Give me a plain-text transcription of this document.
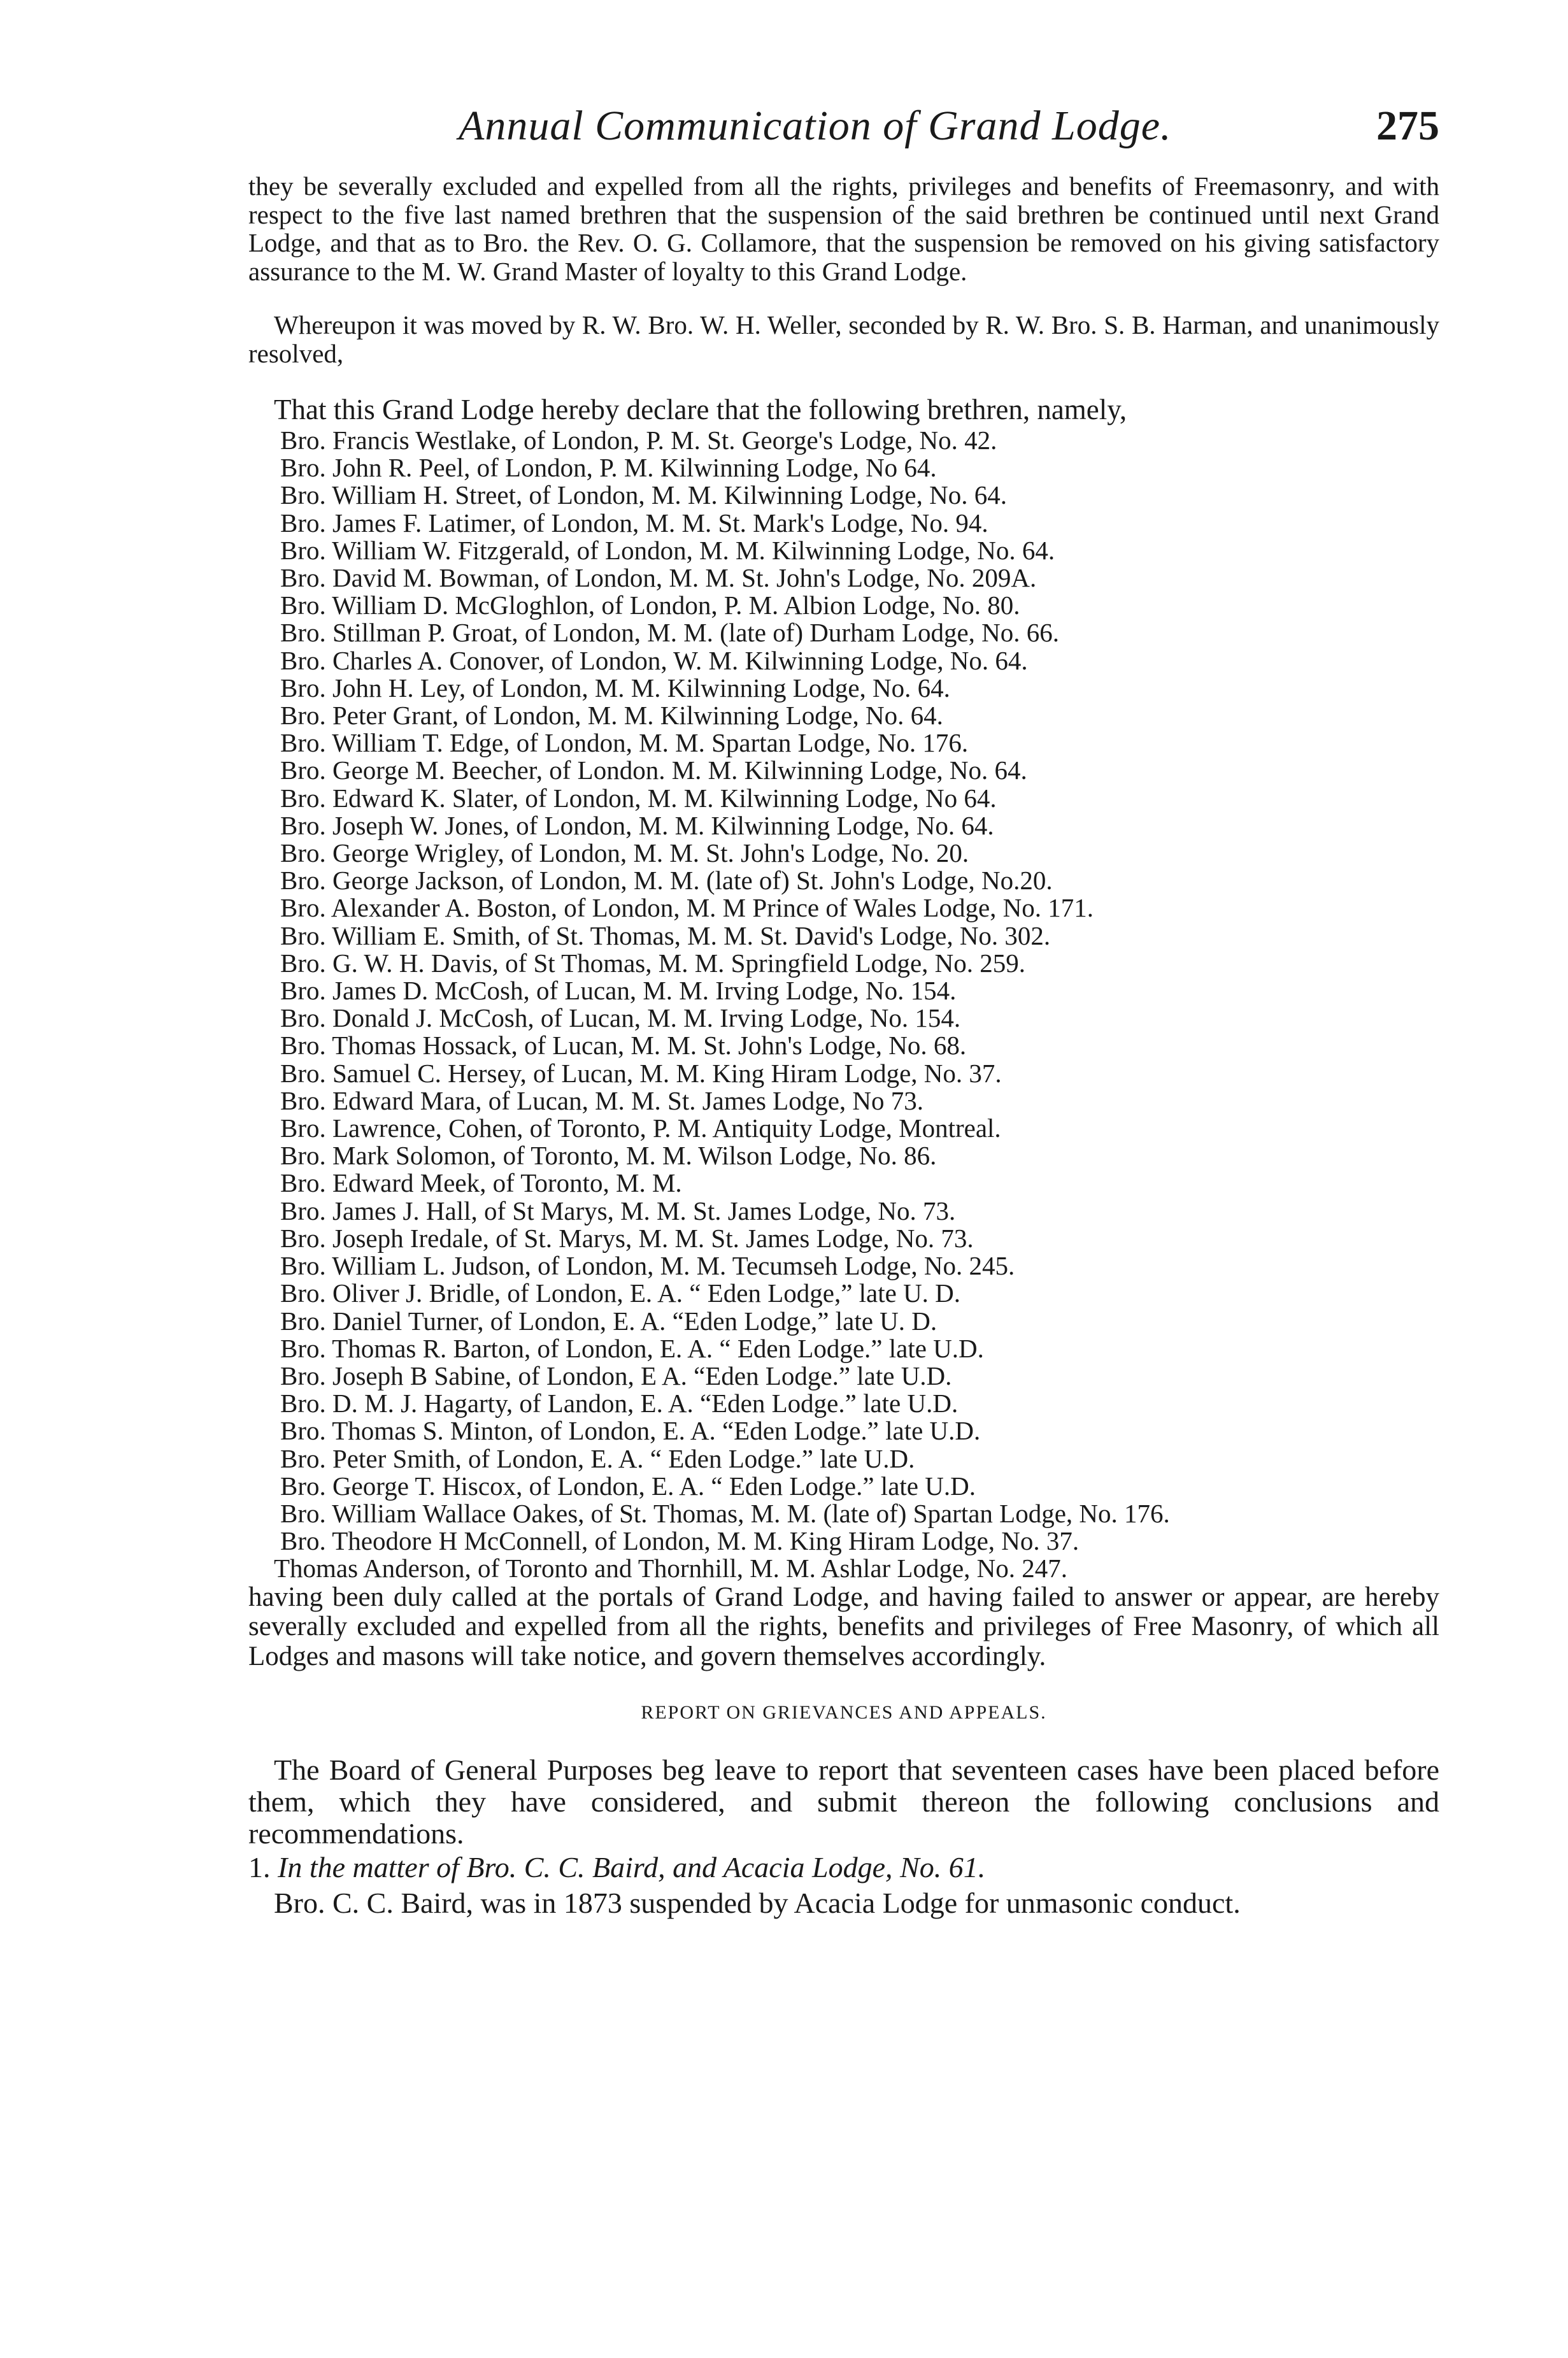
Annual Communication of Grand Lodge.	275

they be severally excluded and expelled from all the rights, privileges and benefits of Freemasonry, and with respect to the five last named brethren that the suspension of the said brethren be continued until next Grand Lodge, and that as to Bro. the Rev. O. G. Collamore, that the suspension be removed on his giving satisfactory assurance to the M. W. Grand Master of loyalty to this Grand Lodge.

Whereupon it was moved by R. W. Bro. W. H. Weller, seconded by R. W. Bro. S. B. Harman, and unanimously resolved,

That this Grand Lodge hereby declare that the following brethren, namely,

Bro. Francis Westlake, of London, P. M. St. George's Lodge, No. 42.
Bro. John R. Peel, of London, P. M. Kilwinning Lodge, No 64.
Bro. William H. Street, of London, M. M. Kilwinning Lodge, No. 64.
Bro. James F. Latimer, of London, M. M. St. Mark's Lodge, No. 94.
Bro. William W. Fitzgerald, of London, M. M. Kilwinning Lodge, No. 64.
Bro. David M. Bowman, of London, M. M. St. John's Lodge, No. 209A.
Bro. William D. McGloghlon, of London, P. M. Albion Lodge, No. 80.
Bro. Stillman P. Groat, of London, M. M. (late of) Durham Lodge, No. 66.
Bro. Charles A. Conover, of London, W. M. Kilwinning Lodge, No. 64.
Bro. John H. Ley, of London, M. M. Kilwinning Lodge, No. 64.
Bro. Peter Grant, of London, M. M. Kilwinning Lodge, No. 64.
Bro. William T. Edge, of London, M. M. Spartan Lodge, No. 176.
Bro. George M. Beecher, of London. M. M. Kilwinning Lodge, No. 64.
Bro. Edward K. Slater, of London, M. M. Kilwinning Lodge, No 64.
Bro. Joseph W. Jones, of London, M. M. Kilwinning Lodge, No. 64.
Bro. George Wrigley, of London, M. M. St. John's Lodge, No. 20.
Bro. George Jackson, of London, M. M. (late of) St. John's Lodge, No.20.
Bro. Alexander A. Boston, of London, M. M Prince of Wales Lodge, No. 171.
Bro. William E. Smith, of St. Thomas, M. M. St. David's Lodge, No. 302.
Bro. G. W. H. Davis, of St Thomas, M. M. Springfield Lodge, No. 259.
Bro. James D. McCosh, of Lucan, M. M. Irving Lodge, No. 154.
Bro. Donald J. McCosh, of Lucan, M. M. Irving Lodge, No. 154.
Bro. Thomas Hossack, of Lucan, M. M. St. John's Lodge, No. 68.
Bro. Samuel C. Hersey, of Lucan, M. M. King Hiram Lodge, No. 37.
Bro. Edward Mara, of Lucan, M. M. St. James Lodge, No 73.
Bro. Lawrence, Cohen, of Toronto, P. M. Antiquity Lodge, Montreal.
Bro. Mark Solomon, of Toronto, M. M. Wilson Lodge, No. 86.
Bro. Edward Meek, of Toronto, M. M.
Bro. James J. Hall, of St Marys, M. M. St. James Lodge, No. 73.
Bro. Joseph Iredale, of St. Marys, M. M. St. James Lodge, No. 73.
Bro. William L. Judson, of London, M. M. Tecumseh Lodge, No. 245.
Bro. Oliver J. Bridle, of London, E. A. “ Eden Lodge,” late U. D.
Bro. Daniel Turner, of London, E. A. “Eden Lodge,” late U. D.
Bro. Thomas R. Barton, of London, E. A. “ Eden Lodge.” late U.D.
Bro. Joseph B Sabine, of London, E A. “Eden Lodge.” late U.D.
Bro. D. M. J. Hagarty, of Landon, E. A. “Eden Lodge.” late U.D.
Bro. Thomas S. Minton, of London, E. A. “Eden Lodge.” late U.D.
Bro. Peter Smith, of London, E. A. “ Eden Lodge.” late U.D.
Bro. George T. Hiscox, of London, E. A. “ Eden Lodge.” late U.D.
Bro. William Wallace Oakes, of St. Thomas, M. M. (late of) Spartan Lodge, No. 176.
Bro. Theodore H McConnell, of London, M. M. King Hiram Lodge, No. 37.

Thomas Anderson, of Toronto and Thornhill, M. M. Ashlar Lodge, No. 247.

having been duly called at the portals of Grand Lodge, and having failed to answer or appear, are hereby severally excluded and expelled from all the rights, benefits and privileges of Free Masonry, of which all Lodges and masons will take notice, and govern themselves accordingly.

REPORT ON GRIEVANCES AND APPEALS.

The Board of General Purposes beg leave to report that seventeen cases have been placed before them, which they have considered, and submit thereon the following conclusions and recommendations.

1. In the matter of Bro. C. C. Baird, and Acacia Lodge, No. 61.

Bro. C. C. Baird, was in 1873 suspended by Acacia Lodge for unmasonic conduct.
